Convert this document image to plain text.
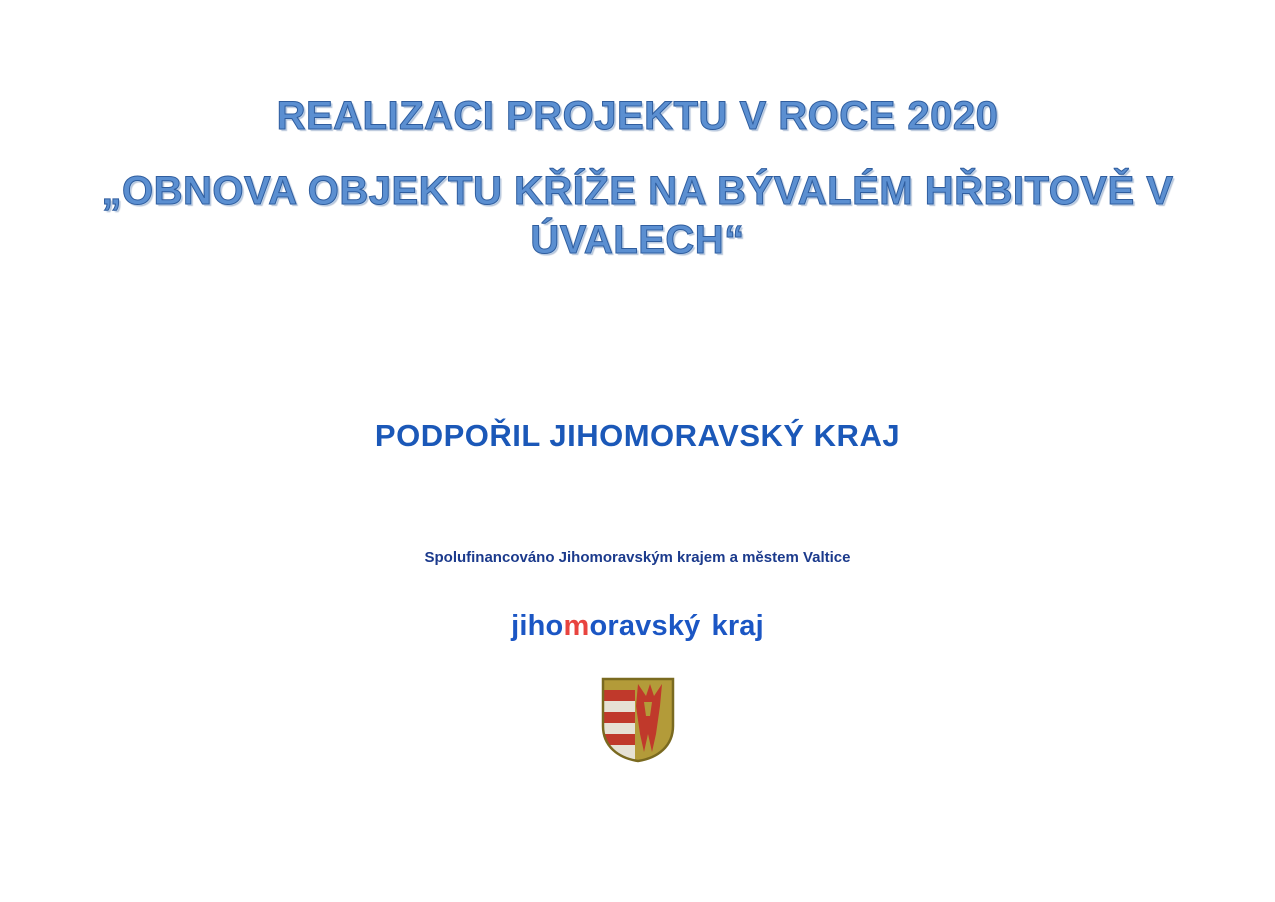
REALIZACI PROJEKTU V ROCE 2020
„OBNOVA OBJEKTU KŘÍŽE NA BÝVALÉM HŘBITOVĚ V ÚVALECH“
PODPOŘIL JIHOMORAVSKÝ KRAJ
Spolufinancováno Jihomoravským krajem a městem Valtice
jihomoravský kraj
